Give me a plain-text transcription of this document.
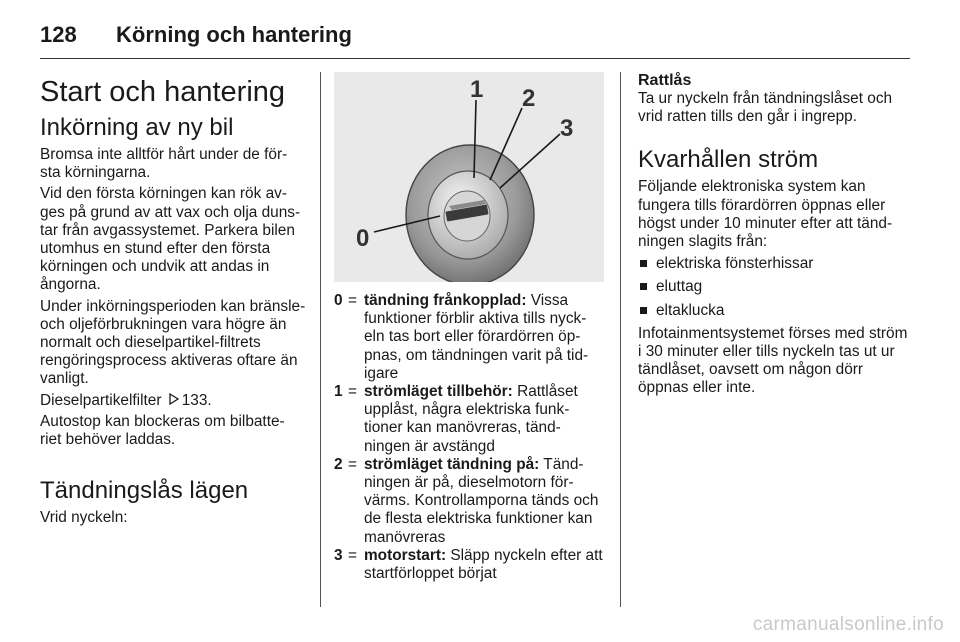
128 Körning och hantering
Start och hantering
Inkörning av ny bil

Bromsa inte alltför hårt under de för-sta körningarna.

Vid den första körningen kan rök av-ges på grund av att vax och olja duns-tar från avgassystemet. Parkera bilen utomhus en stund efter den första körningen och undvik att andas in ångorna.

Under inkörningsperioden kan bränsle- och oljeförbrukningen vara högre än normalt och dieselpartikel-filtrets rengöringsprocess aktiveras oftare än vanligt.

Dieselpartikelfilter 133.

Autostop kan blockeras om bilbatte-riet behöver laddas.

Tändningslås lägen

Vrid nyckeln:

1 2
3
0
0 = tändning frånkopplad: Vissa funktioner förblir aktiva tills nyck-eln tas bort eller förardörren öp-pnas, om tändningen varit på tid-igare
1 = strömläget tillbehör: Rattlåset upplåst, några elektriska funk-tioner kan manövreras, tänd-ningen är avstängd
2 = strömläget tändning på: Tänd-ningen är på, dieselmotorn för-värms. Kontrollamporna tänds och de flesta elektriska funktioner kan manövreras
3 = motorstart: Släpp nyckeln efter att startförloppet börjat
Rattlås

Ta ur nyckeln från tändningslåset och vrid ratten tills den går i ingrepp.

Kvarhållen ström

Följande elektroniska system kan fungera tills förardörren öppnas eller högst under 10 minuter efter att tänd-ningen slagits från:

elektriska fönsterhissar
eluttag
eltaklucka

Infotainmentsystemet förses med ström i 30 minuter eller tills nyckeln tas ut ur tändlåset, oavsett om någon dörr öppnas eller inte.

carmanualsonline.info
